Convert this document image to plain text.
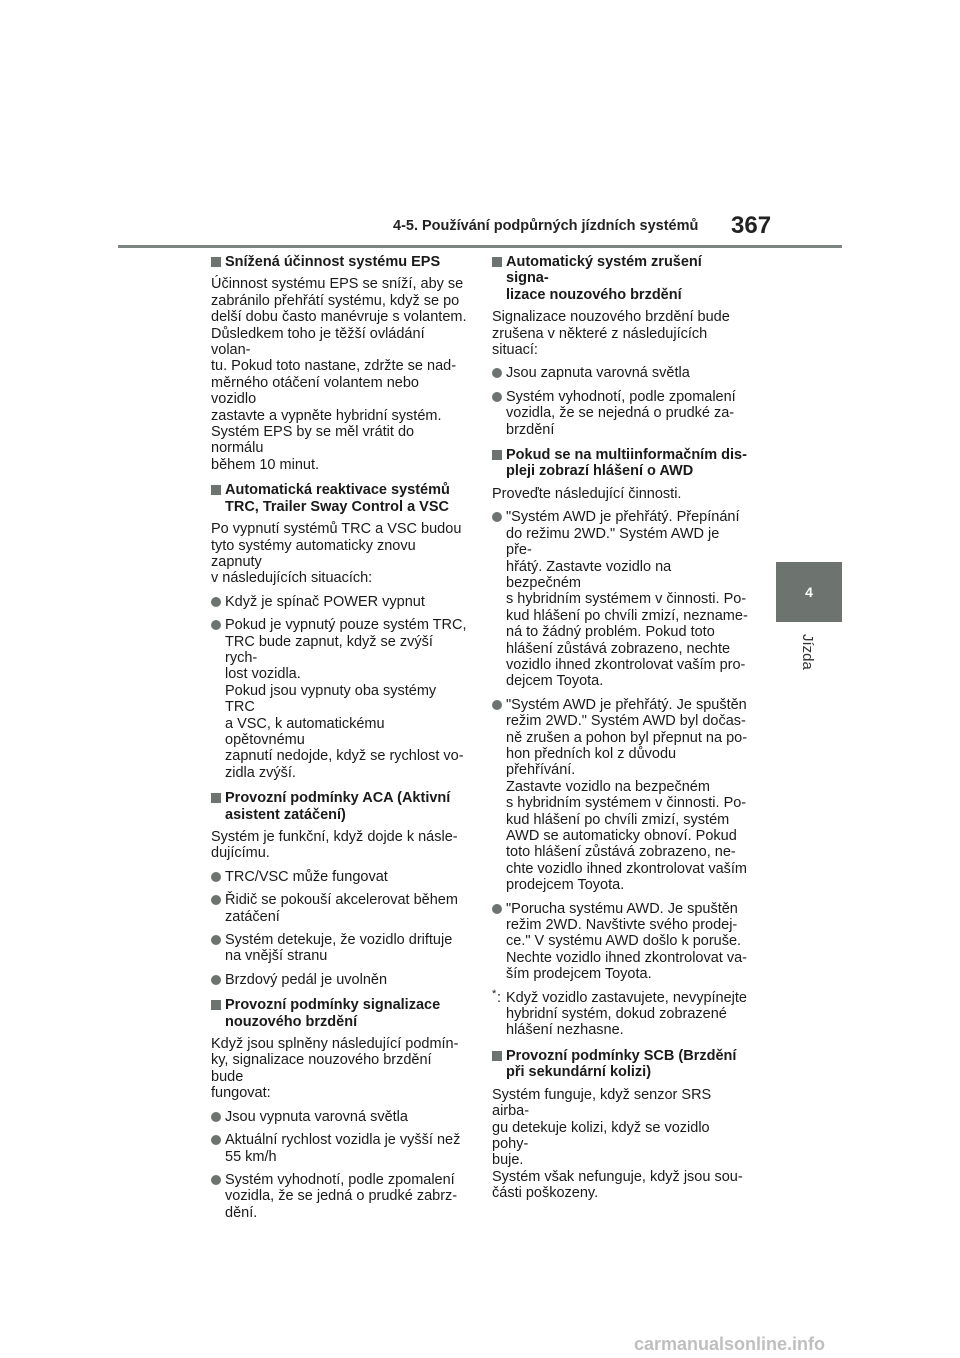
4-5. Používání podpůrných jízdních systémů 367
4
Jízda
Snížená účinnost systému EPS
Účinnost systému EPS se sníží, aby se
zabránilo přehřátí systému, když se po
delší dobu často manévruje s volantem.
Důsledkem toho je těžší ovládání volan-
tu. Pokud toto nastane, zdržte se nad-
měrného otáčení volantem nebo vozidlo
zastavte a vypněte hybridní systém.
Systém EPS by se měl vrátit do normálu
během 10 minut.
Automatická reaktivace systémů
TRC, Trailer Sway Control a VSC
Po vypnutí systémů TRC a VSC budou
tyto systémy automaticky znovu zapnuty
v následujících situacích:
Když je spínač POWER vypnut
Pokud je vypnutý pouze systém TRC,
TRC bude zapnut, když se zvýší rych-
lost vozidla.
Pokud jsou vypnuty oba systémy TRC
a VSC, k automatickému opětovnému
zapnutí nedojde, když se rychlost vo-
zidla zvýší.
Provozní podmínky ACA (Aktivní
asistent zatáčení)
Systém je funkční, když dojde k násle-
dujícímu.
TRC/VSC může fungovat
Řidič se pokouší akcelerovat během
zatáčení
Systém detekuje, že vozidlo driftuje
na vnější stranu
Brzdový pedál je uvolněn
Provozní podmínky signalizace
nouzového brzdění
Když jsou splněny následující podmín-
ky, signalizace nouzového brzdění bude
fungovat:
Jsou vypnuta varovná světla
Aktuální rychlost vozidla je vyšší než
55 km/h
Systém vyhodnotí, podle zpomalení
vozidla, že se jedná o prudké zabrz-
dění.
Automatický systém zrušení signa-
lizace nouzového brzdění
Signalizace nouzového brzdění bude
zrušena v některé z následujících situací:
Jsou zapnuta varovná světla
Systém vyhodnotí, podle zpomalení
vozidla, že se nejedná o prudké za-
brzdění
Pokud se na multiinformačním dis-
pleji zobrazí hlášení o AWD
Proveďte následující činnosti.
"Systém AWD je přehřátý. Přepínání
do režimu 2WD." Systém AWD je pře-
hřátý. Zastavte vozidlo na bezpečném
s hybridním systémem v činnosti. Po-
kud hlášení po chvíli zmizí, nezname-
ná to žádný problém. Pokud toto
hlášení zůstává zobrazeno, nechte
vozidlo ihned zkontrolovat vaším pro-
dejcem Toyota.
"Systém AWD je přehřátý. Je spuštěn
režim 2WD." Systém AWD byl dočas-
ně zrušen a pohon byl přepnut na po-
hon předních kol z důvodu přehřívání.
Zastavte vozidlo na bezpečném
s hybridním systémem v činnosti. Po-
kud hlášení po chvíli zmizí, systém
AWD se automaticky obnoví. Pokud
toto hlášení zůstává zobrazeno, ne-
chte vozidlo ihned zkontrolovat vaším
prodejcem Toyota.
"Porucha systému AWD. Je spuštěn
režim 2WD. Navštivte svého prodej-
ce." V systému AWD došlo k poruše.
Nechte vozidlo ihned zkontrolovat va-
ším prodejcem Toyota.
* : Když vozidlo zastavujete, nevypínejte
hybridní systém, dokud zobrazené
hlášení nezhasne.
Provozní podmínky SCB (Brzdění
při sekundární kolizi)
Systém funguje, když senzor SRS airba-
gu detekuje kolizi, když se vozidlo pohy-
buje.
Systém však nefunguje, když jsou sou-
části poškozeny.
carmanualsonline.info
